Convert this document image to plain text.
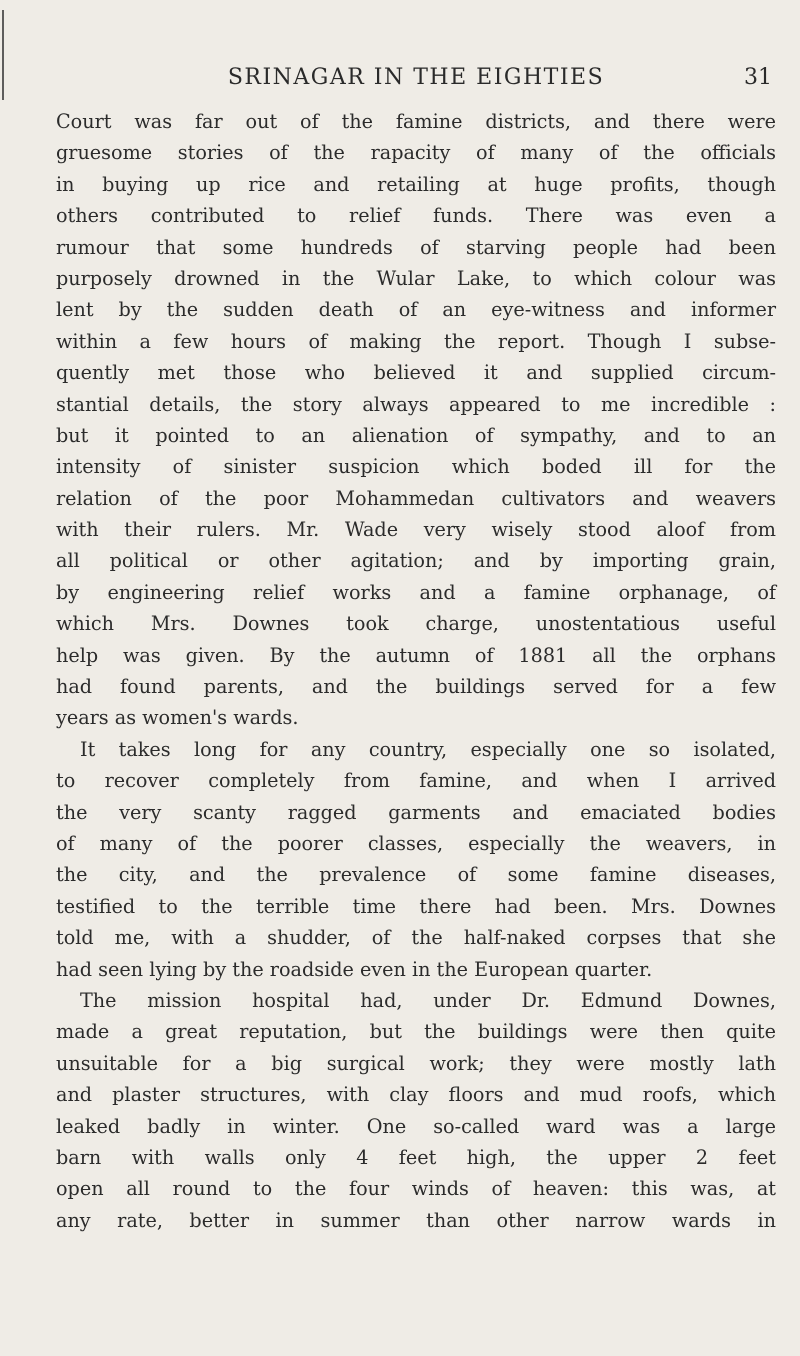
SRINAGAR IN THE EIGHTIES	31
Court was far out of the famine districts, and there were
gruesome stories of the rapacity of many of the officials
in buying up rice and retailing at huge profits, though
others contributed to relief funds. There was even a
rumour that some hundreds of starving people had been
purposely drowned in the Wular Lake, to which colour was
lent by the sudden death of an eye-witness and informer
within a few hours of making the report. Though I subse-
quently met those who believed it and supplied circum-
stantial details, the story always appeared to me incredible :
but it pointed to an alienation of sympathy, and to an
intensity of sinister suspicion which boded ill for the
relation of the poor Mohammedan cultivators and weavers
with their rulers. Mr. Wade very wisely stood aloof from
all political or other agitation; and by importing grain,
by engineering relief works and a famine orphanage, of
which Mrs. Downes took charge, unostentatious useful
help was given. By the autumn of 1881 all the orphans
had found parents, and the buildings served for a few
years as women's wards.
It takes long for any country, especially one so isolated,
to recover completely from famine, and when I arrived
the very scanty ragged garments and emaciated bodies
of many of the poorer classes, especially the weavers, in
the city, and the prevalence of some famine diseases,
testified to the terrible time there had been. Mrs. Downes
told me, with a shudder, of the half-naked corpses that she
had seen lying by the roadside even in the European quarter.
The mission hospital had, under Dr. Edmund Downes,
made a great reputation, but the buildings were then quite
unsuitable for a big surgical work; they were mostly lath
and plaster structures, with clay floors and mud roofs, which
leaked badly in winter. One so-called ward was a large
barn with walls only 4 feet high, the upper 2 feet
open all round to the four winds of heaven: this was, at
any rate, better in summer than other narrow wards in
